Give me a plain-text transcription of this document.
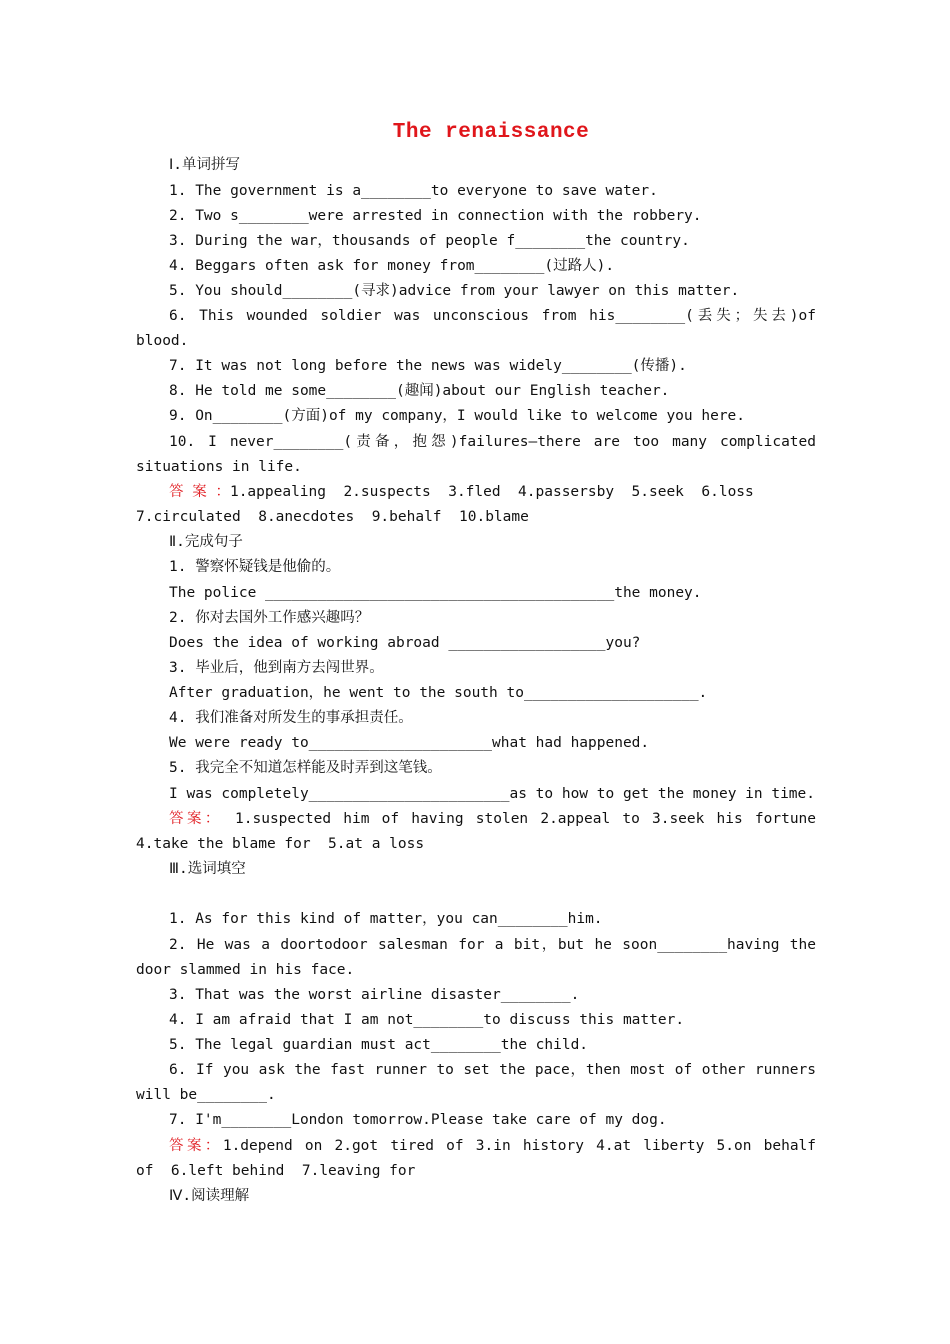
The renaissance
Ⅰ.单词拼写
1. The government is a________to everyone to save water.
2. Two s________were arrested in connection with the robbery.
3. During the war，thousands of people f________the country.
4. Beggars often ask for money from________(过路人).
5. You should________(寻求)advice from your lawyer on this matter.
6. This wounded soldier was unconscious from his________(丢失；失去)of
blood.
7. It was not long before the news was widely________(传播).
8. He told me some________(趣闻)about our English teacher.
9. On________(方面)of my company，I would like to welcome you here.
10. I never________(责备，抱怨)failures—there are too many complicated
situations in life.
答 案 ：1.appealing  2.suspects  3.fled  4.passersby  5.seek  6.loss
7.circulated  8.anecdotes  9.behalf  10.blame
Ⅱ.完成句子
1. 警察怀疑钱是他偷的。
The police ________________________________________the money.
2. 你对去国外工作感兴趣吗？
Does the idea of working abroad __________________you?
3. 毕业后，他到南方去闯世界。
After graduation，he went to the south to____________________.
4. 我们准备对所发生的事承担责任。
We were ready to_____________________what had happened.
5. 我完全不知道怎样能及时弄到这笔钱。
I was completely_______________________as to how to get the money in time.
答案： 1.suspected him of having stolen 2.appeal to 3.seek his fortune
4.take the blame for  5.at a loss
Ⅲ.选词填空
1. As for this kind of matter，you can________him.
2. He was a doortodoor salesman for a bit，but he soon________having the
door slammed in his face.
3. That was the worst airline disaster________.
4. I am afraid that I am not________to discuss this matter.
5. The legal guardian must act________the child.
6. If you ask the fast runner to set the pace，then most of other runners
will be________.
7. I'm________London tomorrow.Please take care of my dog.
答案：1.depend on 2.got tired of 3.in history 4.at liberty 5.on behalf
of  6.left behind  7.leaving for
Ⅳ.阅读理解
